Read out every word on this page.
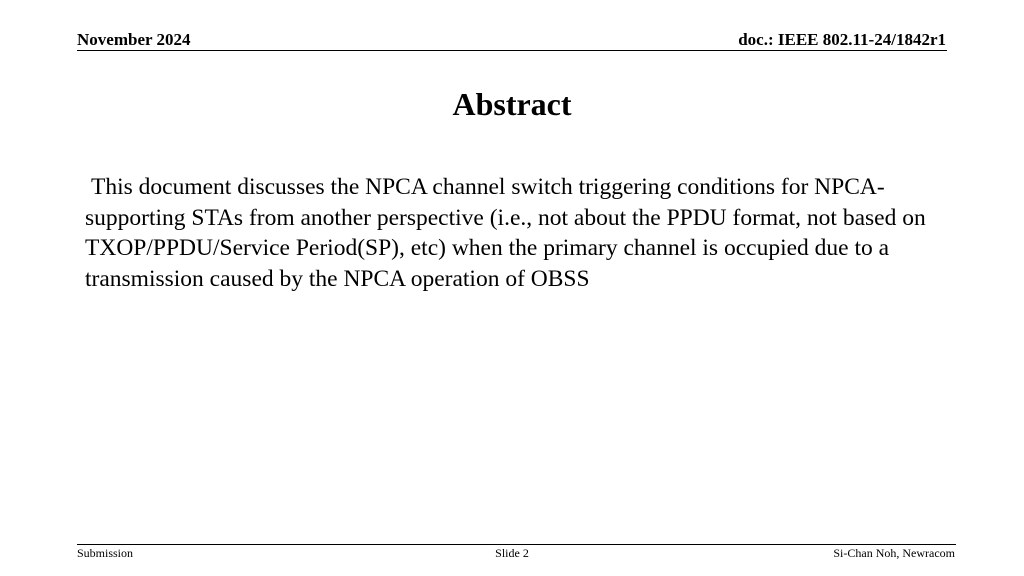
November 2024	doc.: IEEE 802.11-24/1842r1
Abstract

This document discusses the NPCA channel switch triggering conditions for NPCA-supporting STAs from another perspective (i.e., not about the PPDU format, not based on TXOP/PPDU/Service Period(SP), etc) when the primary channel is occupied due to a transmission caused by the NPCA operation of OBSS

Submission	Slide 2	Si-Chan Noh, Newracom
